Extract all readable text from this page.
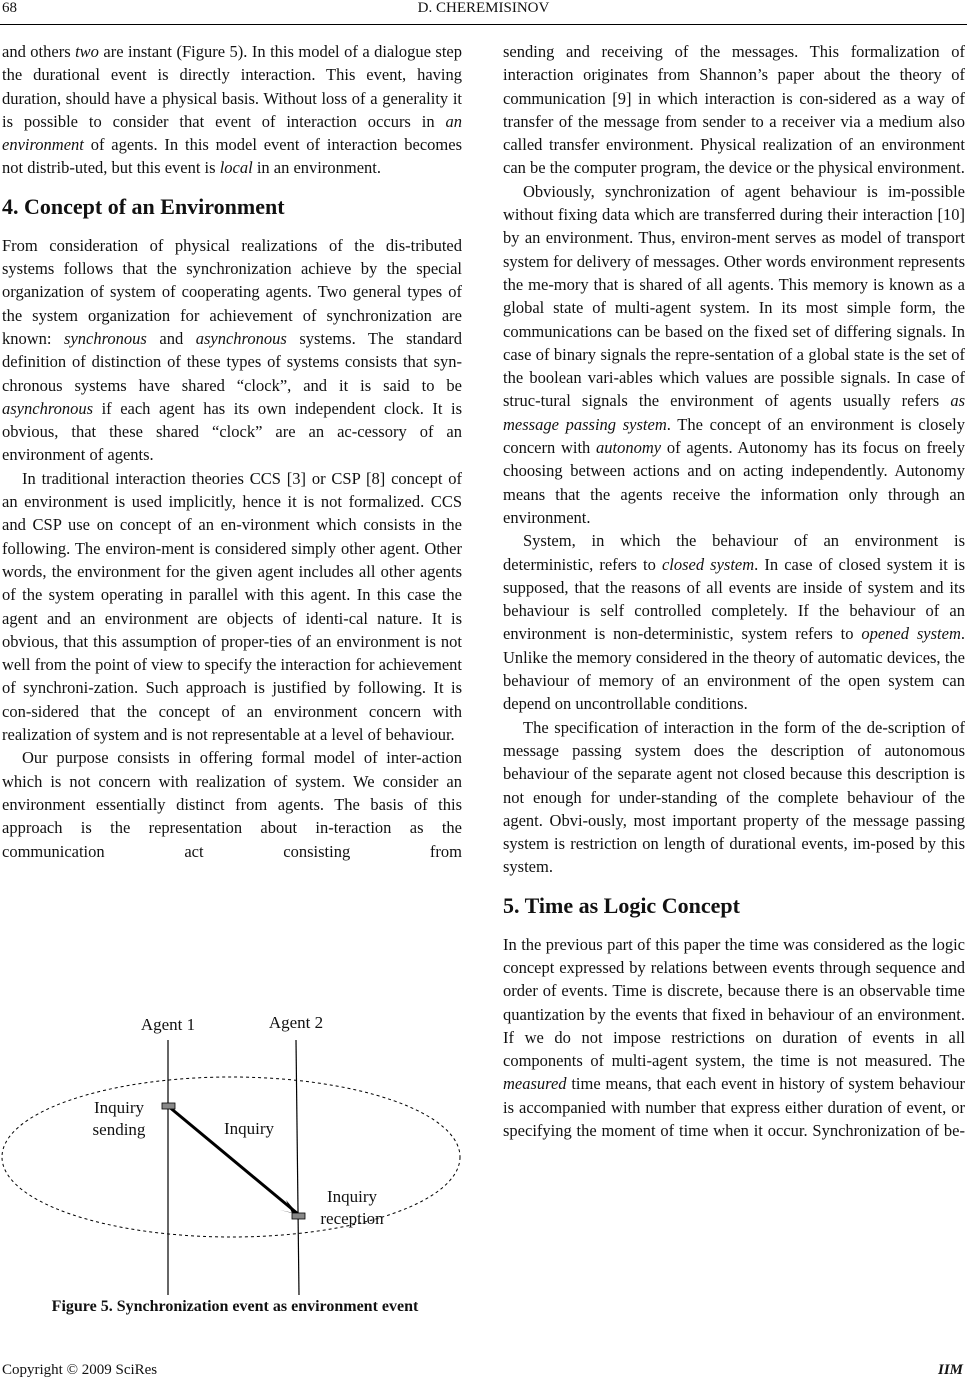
68	D. CHEREMISINOV

and others two are instant (Figure 5). In this model of a dialogue step the durational event is directly interaction. This event, having duration, should have a physical basis. Without loss of a generality it is possible to consider that event of interaction occurs in an environment of agents. In this model event of interaction becomes not distrib-uted, but this event is local in an environment.

4. Concept of an Environment

From consideration of physical realizations of the dis-tributed systems follows that the synchronization achieve by the special organization of system of cooperating agents. Two general types of the system organization for achievement of synchronization are known: synchronous and asynchronous systems. The standard definition of distinction of these types of systems consists that syn-chronous systems have shared “clock”, and it is said to be asynchronous if each agent has its own independent clock. It is obvious, that these shared “clock” are an ac-cessory of an environment of agents.

In traditional interaction theories CCS [3] or CSP [8] concept of an environment is used implicitly, hence it is not formalized. CCS and CSP use on concept of an en-vironment which consists in the following. The environ-ment is considered simply other agent. Other words, the environment for the given agent includes all other agents of the system operating in parallel with this agent. In this case the agent and an environment are objects of identi-cal nature. It is obvious, that this assumption of proper-ties of an environment is not well from the point of view to specify the interaction for achievement of synchroni-zation. Such approach is justified by following. It is con-sidered that the concept of an environment concern with realization of system and is not representable at a level of behaviour.

Our purpose consists in offering formal model of inter-action which is not concern with realization of system. We consider an environment essentially distinct from agents. The basis of this approach is the representation about in-teraction as the communication act consisting from

Agent 1	Agent 2
Inquiry
sending	Inquiry
Inquiry
reception
Figure 5. Synchronization event as environment event

sending and receiving of the messages. This formalization of interaction originates from Shannon’s paper about the theory of communication [9] in which interaction is con-sidered as a way of transfer of the message from sender to a receiver via a medium also called transfer environment. Physical realization of an environment can be the computer program, the device or the physical environment.

Obviously, synchronization of agent behaviour is im-possible without fixing data which are transferred during their interaction [10] by an environment. Thus, environ-ment serves as model of transport system for delivery of messages. Other words environment represents the me-mory that is shared of all agents. This memory is known as a global state of multi-agent system. In its most simple form, the communications can be based on the fixed set of differing signals. In case of binary signals the repre-sentation of a global state is the set of the boolean vari-ables which values are possible signals. In case of struc-tural signals the environment of agents usually refers as message passing system. The concept of an environment is closely concern with autonomy of agents. Autonomy has its focus on freely choosing between actions and on acting independently. Autonomy means that the agents receive the information only through an environment.

System, in which the behaviour of an environment is deterministic, refers to closed system. In case of closed system it is supposed, that the reasons of all events are inside of system and its behaviour is self controlled completely. If the behaviour of an environment is non-deterministic, system refers to opened system. Unlike the memory considered in the theory of automatic devices, the behaviour of memory of an environment of the open system can depend on uncontrollable conditions.

The specification of interaction in the form of the de-scription of message passing system does the description of autonomous behaviour of the separate agent not closed because this description is not enough for under-standing of the complete behaviour of the agent. Obvi-ously, most important property of the message passing system is restriction on length of durational events, im-posed by this system.

5. Time as Logic Concept

In the previous part of this paper the time was considered as the logic concept expressed by relations between events through sequence and order of events. Time is discrete, because there is an observable time quantization by the events that fixed in behaviour of an environment. If we do not impose restrictions on duration of events in all components of multi-agent system, the time is not measured. The measured time means, that each event in history of system behaviour is accompanied with number that express either duration of event, or specifying the moment of time when it occur. Synchronization of be-

Copyright © 2009 SciRes	IIM
